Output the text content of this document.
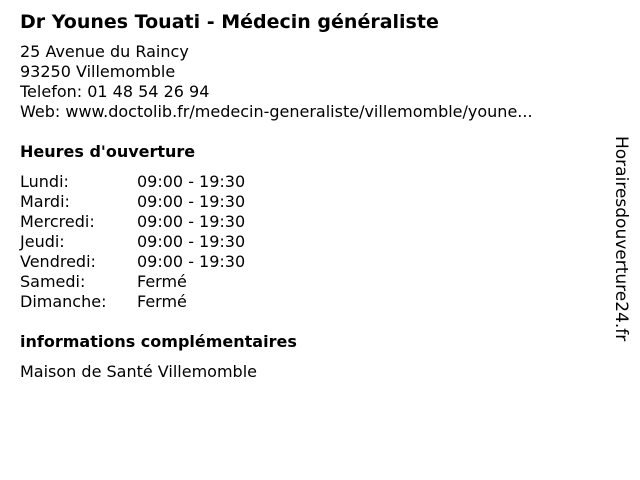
Dr Younes Touati - Médecin généraliste
25 Avenue du Raincy
93250 Villemomble
Telefon: 01 48 54 26 94
Web: www.doctolib.fr/medecin-generaliste/villemomble/youne...
Heures d'ouverture
Lundi:	09:00 - 19:30
Mardi:	09:00 - 19:30
Mercredi:	09:00 - 19:30
Jeudi:	09:00 - 19:30
Vendredi:	09:00 - 19:30
Samedi:	Fermé
Dimanche:	Fermé
informations complémentaires
Maison de Santé Villemomble
Horairesdouverture24.fr
